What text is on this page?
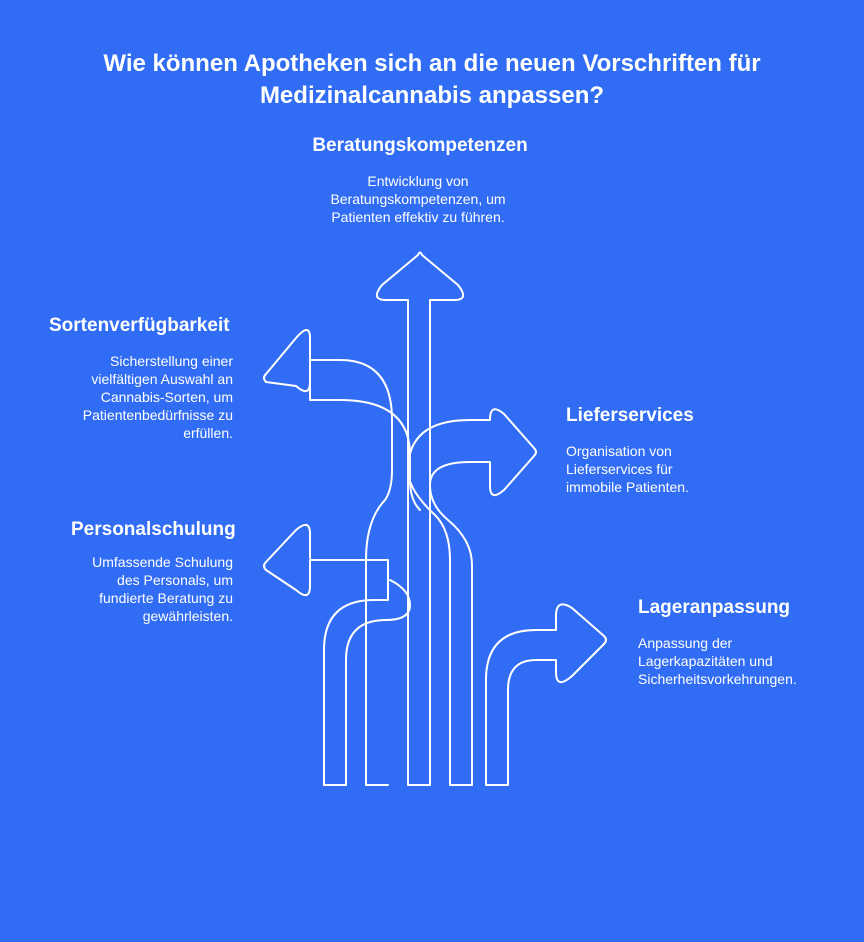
Wie können Apotheken sich an die neuen Vorschriften für
Medizinalcannabis anpassen?
Beratungskompetenzen
Entwicklung von
Beratungskompetenzen, um
Patienten effektiv zu führen.
Sortenverfügbarkeit
Sicherstellung einer
vielfältigen Auswahl an
Cannabis-Sorten, um
Patientenbedürfnisse zu
erfüllen.
Lieferservices
Organisation von
Lieferservices für
immobile Patienten.
Personalschulung
Umfassende Schulung
des Personals, um
fundierte Beratung zu
gewährleisten.	Lageranpassung
Anpassung der
Lagerkapazitäten und
Sicherheitsvorkehrungen.
